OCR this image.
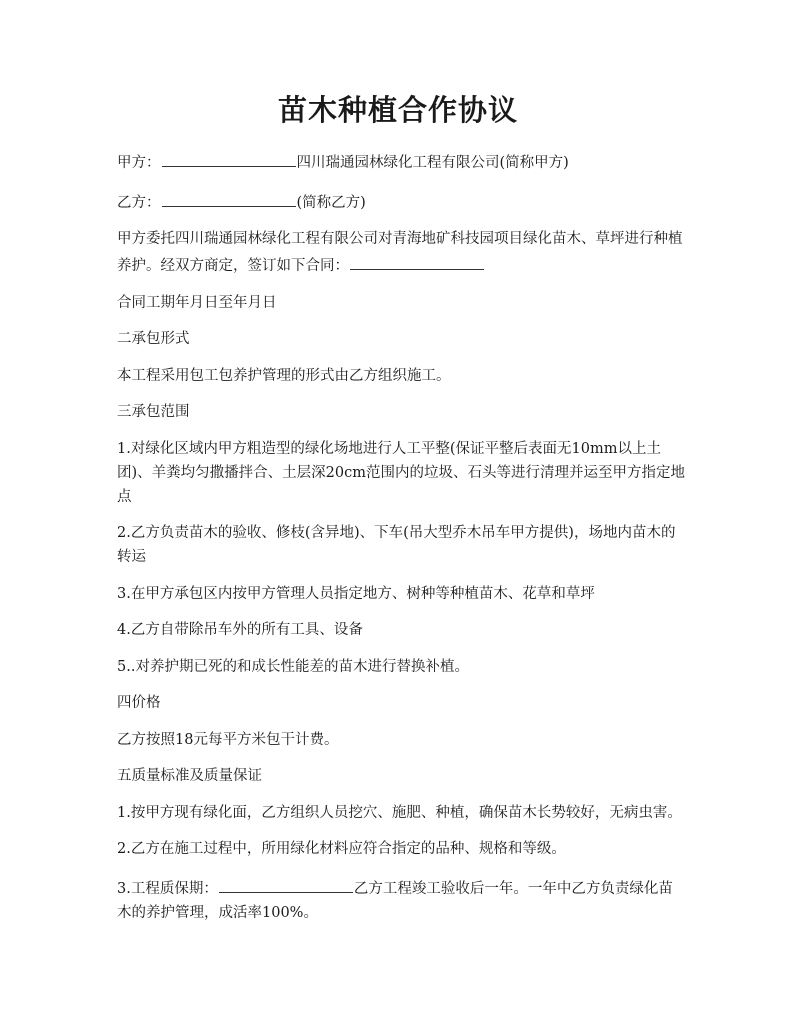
苗木种植合作协议

甲方：	四川瑞通园林绿化工程有限公司(简称甲方)

乙方：	(简称乙方)

甲方委托四川瑞通园林绿化工程有限公司对青海地矿科技园项目绿化苗木、草坪进行种植养护。经双方商定，签订如下合同：

合同工期年月日至年月日

二承包形式

本工程采用包工包养护管理的形式由乙方组织施工。

三承包范围

1.对绿化区域内甲方粗造型的绿化场地进行人工平整(保证平整后表面无10mm以上土团)、羊粪均匀撒播拌合、土层深20cm范围内的垃圾、石头等进行清理并运至甲方指定地点

2.乙方负责苗木的验收、修枝(含异地)、下车(吊大型乔木吊车甲方提供)，场地内苗木的转运

3.在甲方承包区内按甲方管理人员指定地方、树种等种植苗木、花草和草坪

4.乙方自带除吊车外的所有工具、设备

5..对养护期已死的和成长性能差的苗木进行替换补植。

四价格

乙方按照18元每平方米包干计费。

五质量标准及质量保证

1.按甲方现有绿化面，乙方组织人员挖穴、施肥、种植，确保苗木长势较好，无病虫害。

2.乙方在施工过程中，所用绿化材料应符合指定的品种、规格和等级。

3.工程质保期：	乙方工程竣工验收后一年。一年中乙方负责绿化苗木的养护管理，成活率100%。
